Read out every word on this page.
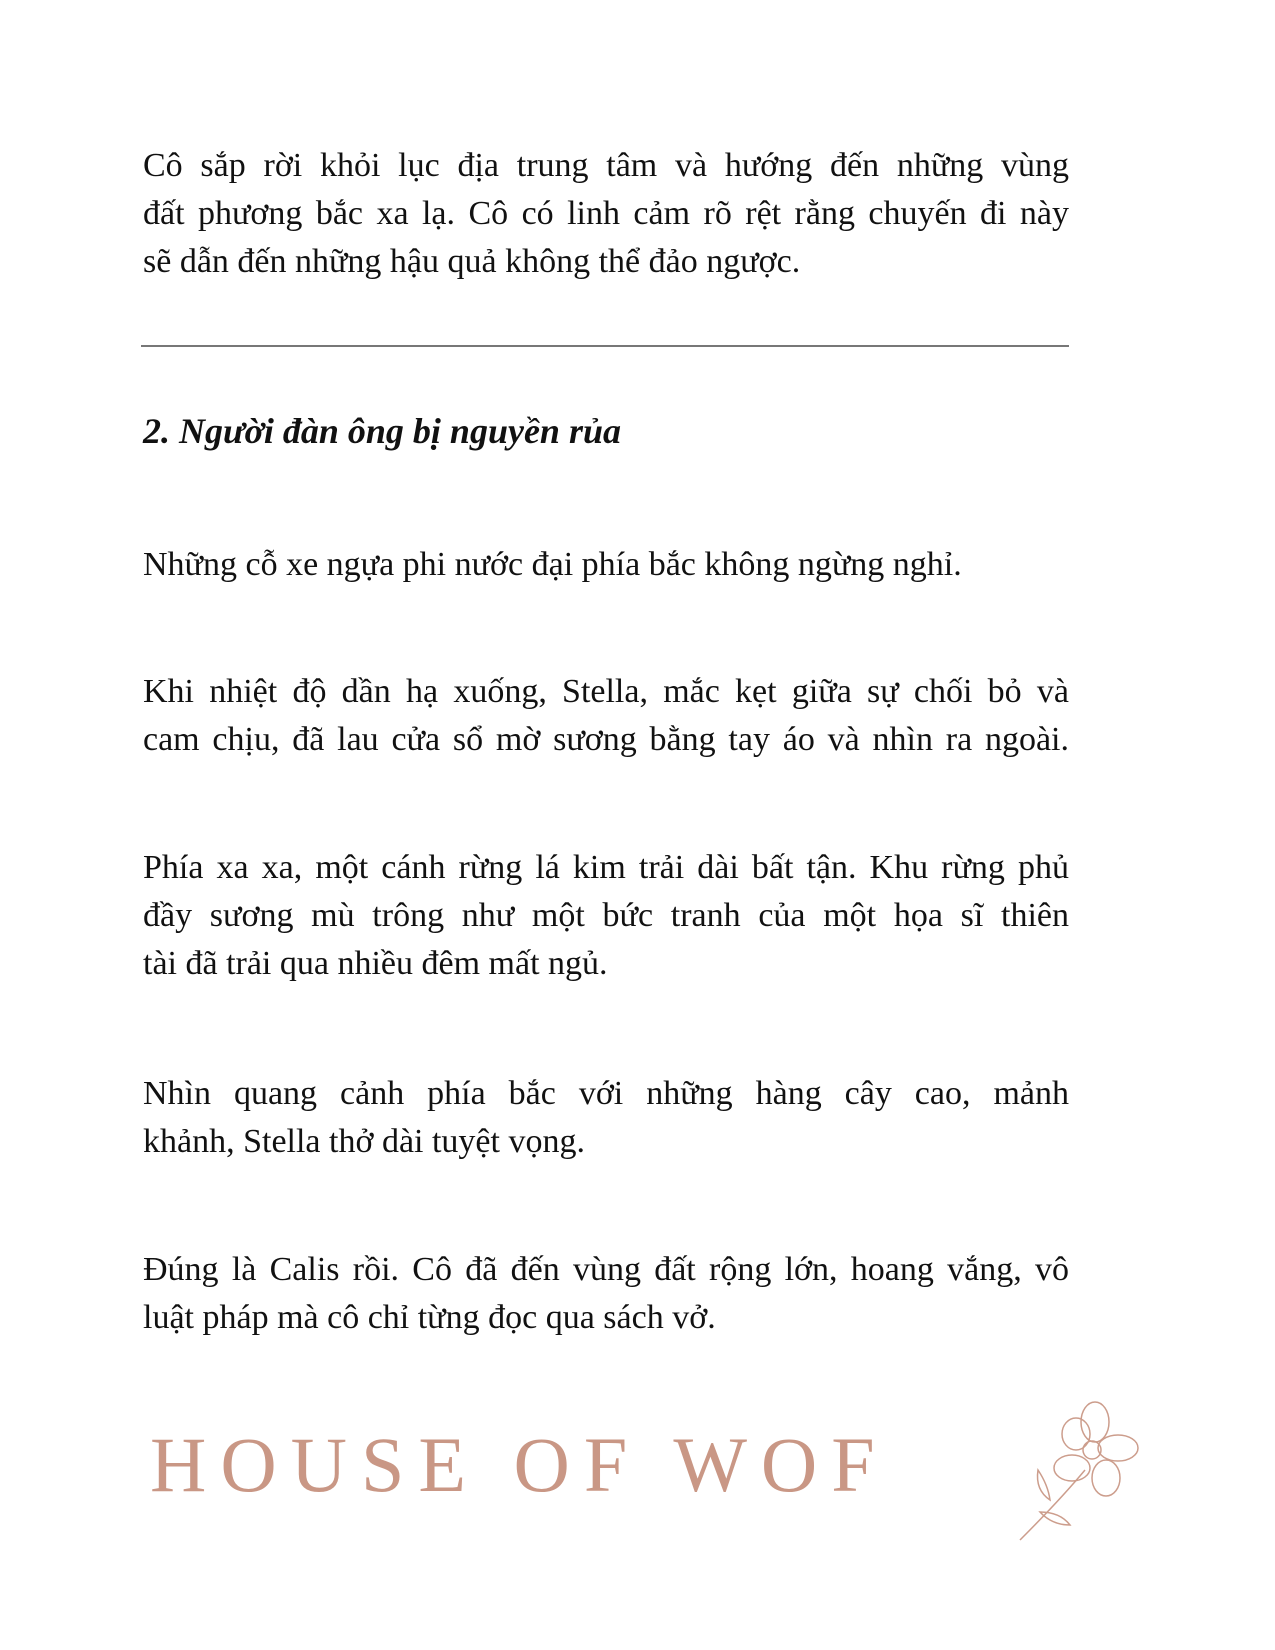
Cô sắp rời khỏi lục địa trung tâm và hướng đến những vùng
đất phương bắc xa lạ. Cô có linh cảm rõ rệt rằng chuyến đi này
sẽ dẫn đến những hậu quả không thể đảo ngược.
2. Người đàn ông bị nguyền rủa
Những cỗ xe ngựa phi nước đại phía bắc không ngừng nghỉ.
Khi nhiệt độ dần hạ xuống, Stella, mắc kẹt giữa sự chối bỏ và
cam chịu, đã lau cửa sổ mờ sương bằng tay áo và nhìn ra ngoài.
Phía xa xa, một cánh rừng lá kim trải dài bất tận. Khu rừng phủ
đầy sương mù trông như một bức tranh của một họa sĩ thiên
tài đã trải qua nhiều đêm mất ngủ.
Nhìn quang cảnh phía bắc với những hàng cây cao, mảnh
khảnh, Stella thở dài tuyệt vọng.
Đúng là Calis rồi. Cô đã đến vùng đất rộng lớn, hoang vắng, vô
luật pháp mà cô chỉ từng đọc qua sách vở.
HOUSE OF WOF
